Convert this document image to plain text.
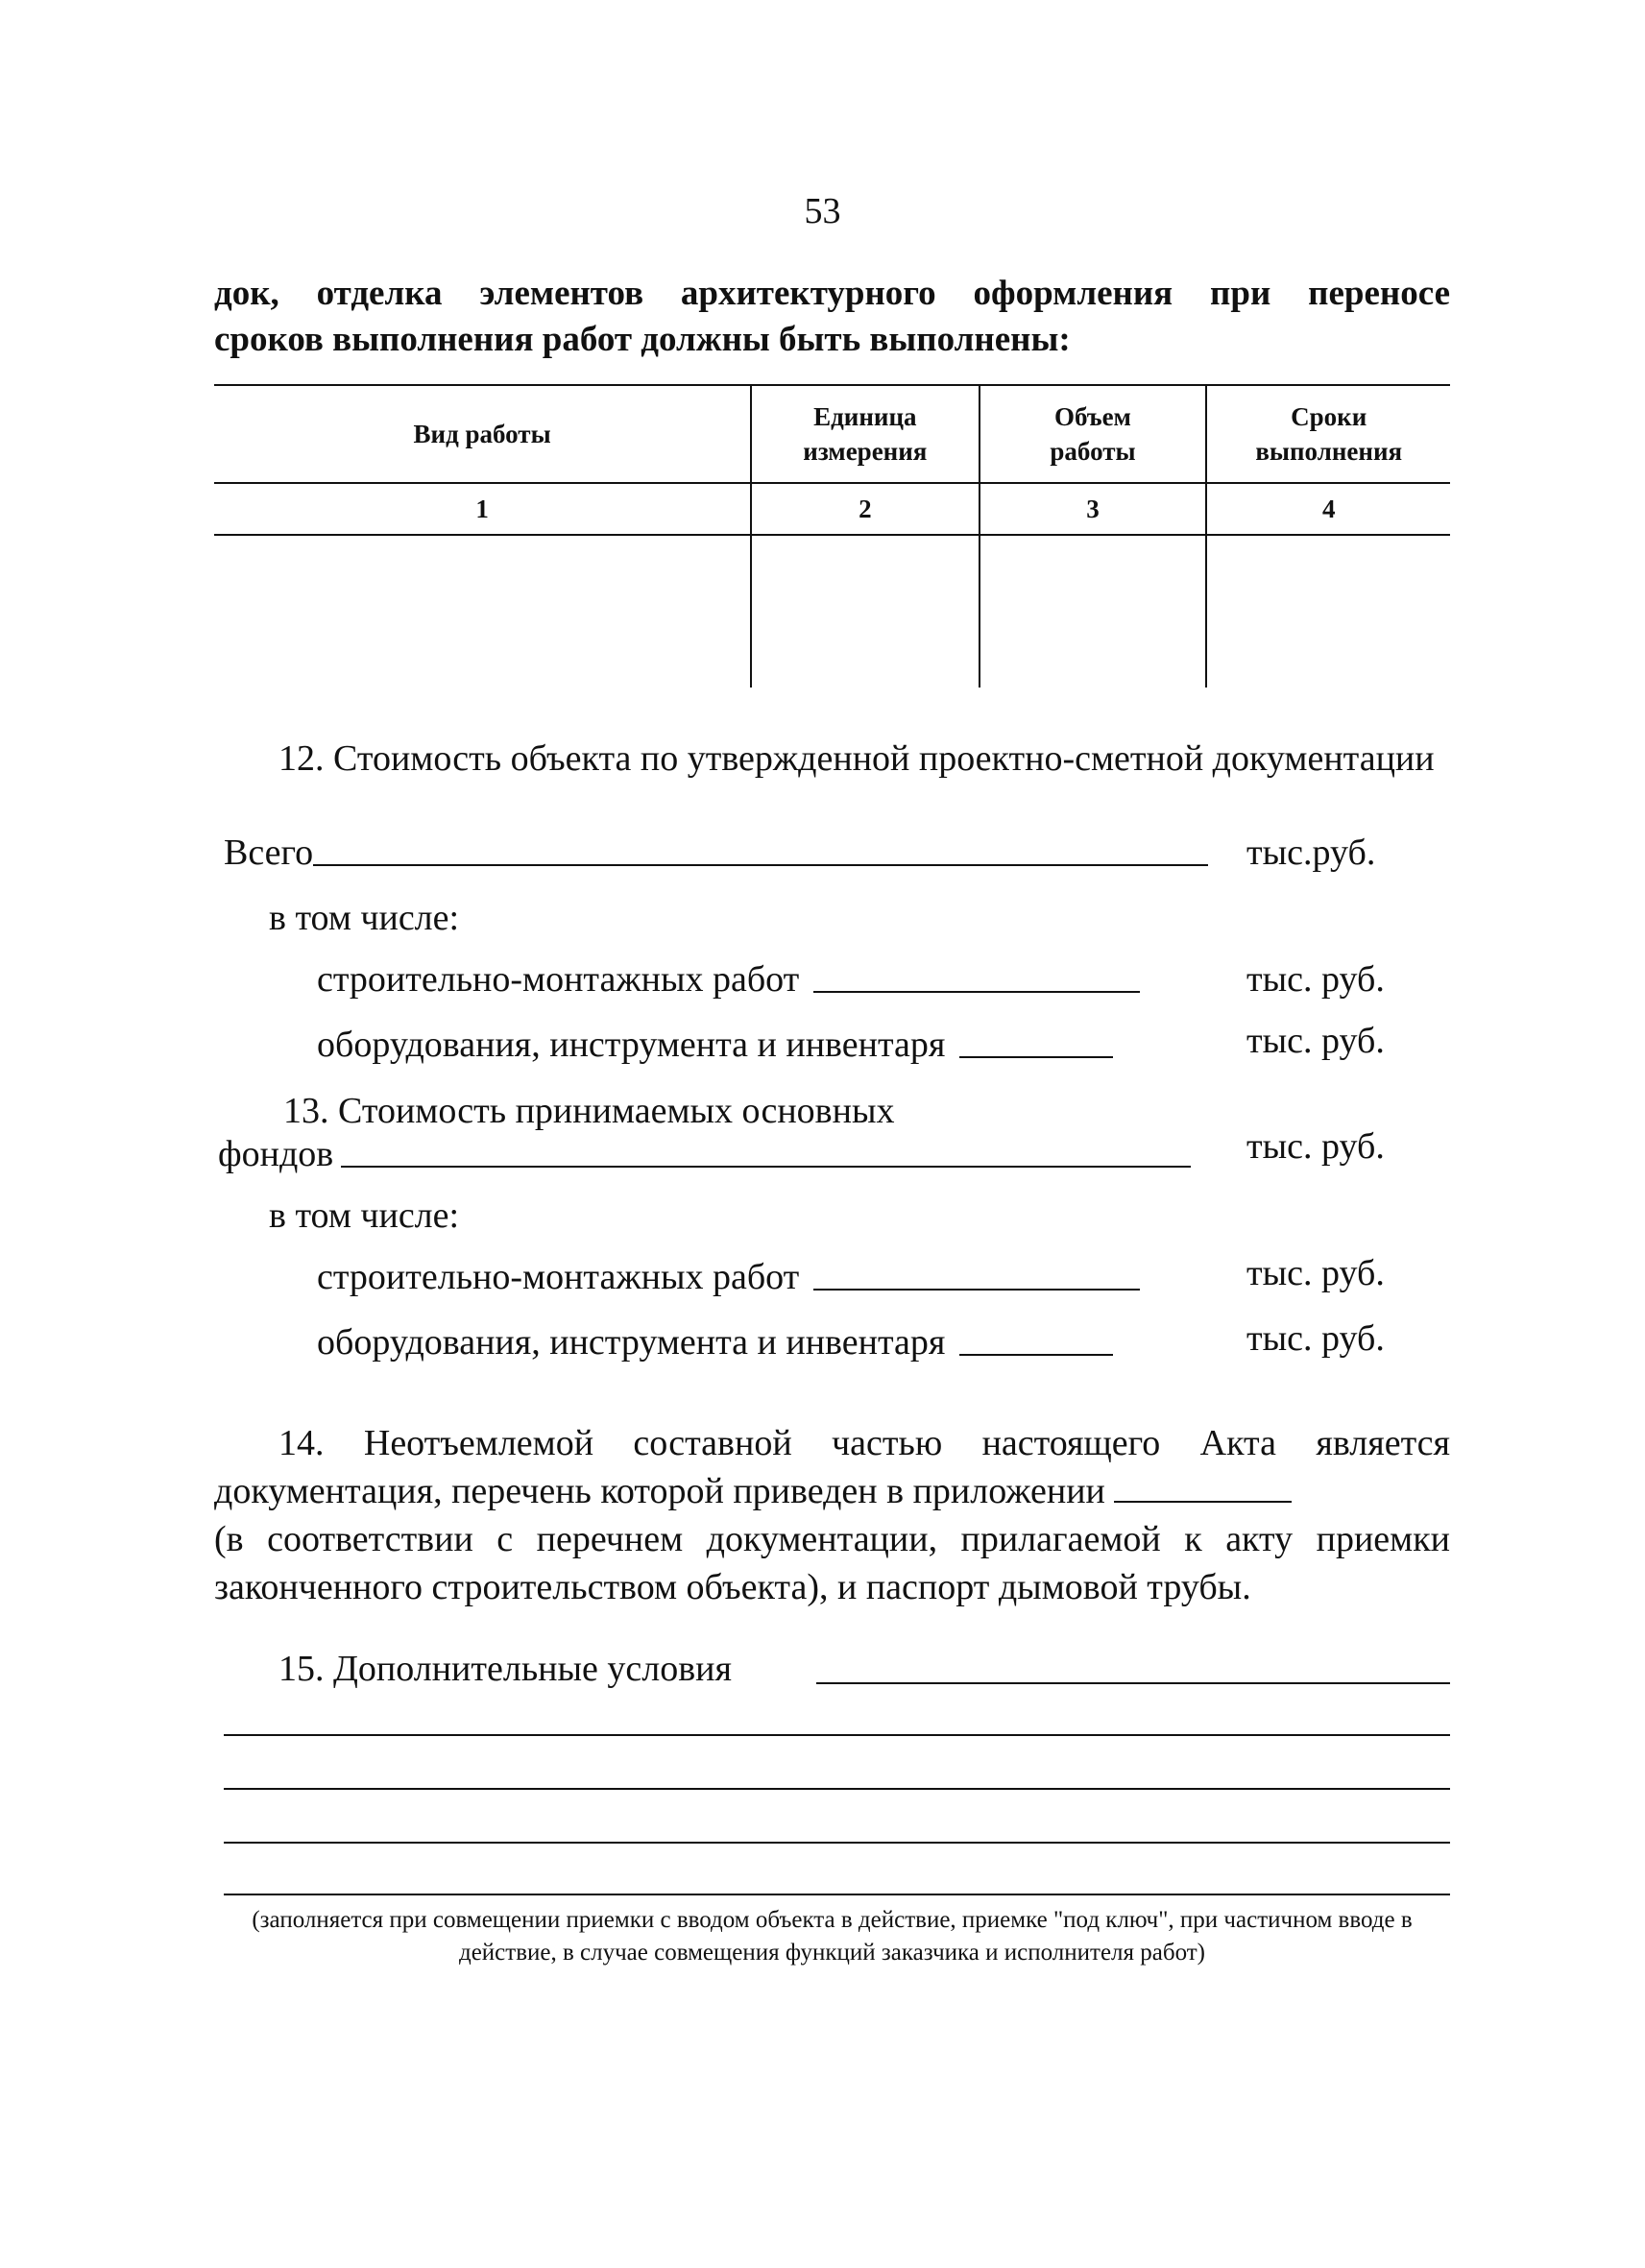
53

док, отделка элементов архитектурного оформления при переносе

сроков выполнения работ должны быть выполнены:

Вид работы	Единица измерения	Объем работы	Сроки выполнения

1	2	3	4

12. Стоимость объекта по утвержденной проектно-сметной документации

Всего	тыс.руб.
в том числе:
строительно-монтажных работ	тыс. руб.
оборудования, инструмента и инвентаря	тыс. руб.
13. Стоимость принимаемых основных
фондов	тыс. руб.
в том числе:
строительно-монтажных работ	тыс. руб.
оборудования, инструмента и инвентаря	тыс. руб.

14. Неотъемлемой составной частью настоящего Акта является документация, перечень которой приведен в приложении

(в соответствии с перечнем документации, прилагаемой к акту приемки законченного строительством объекта), и паспорт дымовой трубы.

15. Дополнительные условия
(заполняется при совмещении приемки с вводом объекта в действие, приемке "под ключ", при частичном вводе в действие, в случае совмещения функций заказчика и исполнителя работ)
